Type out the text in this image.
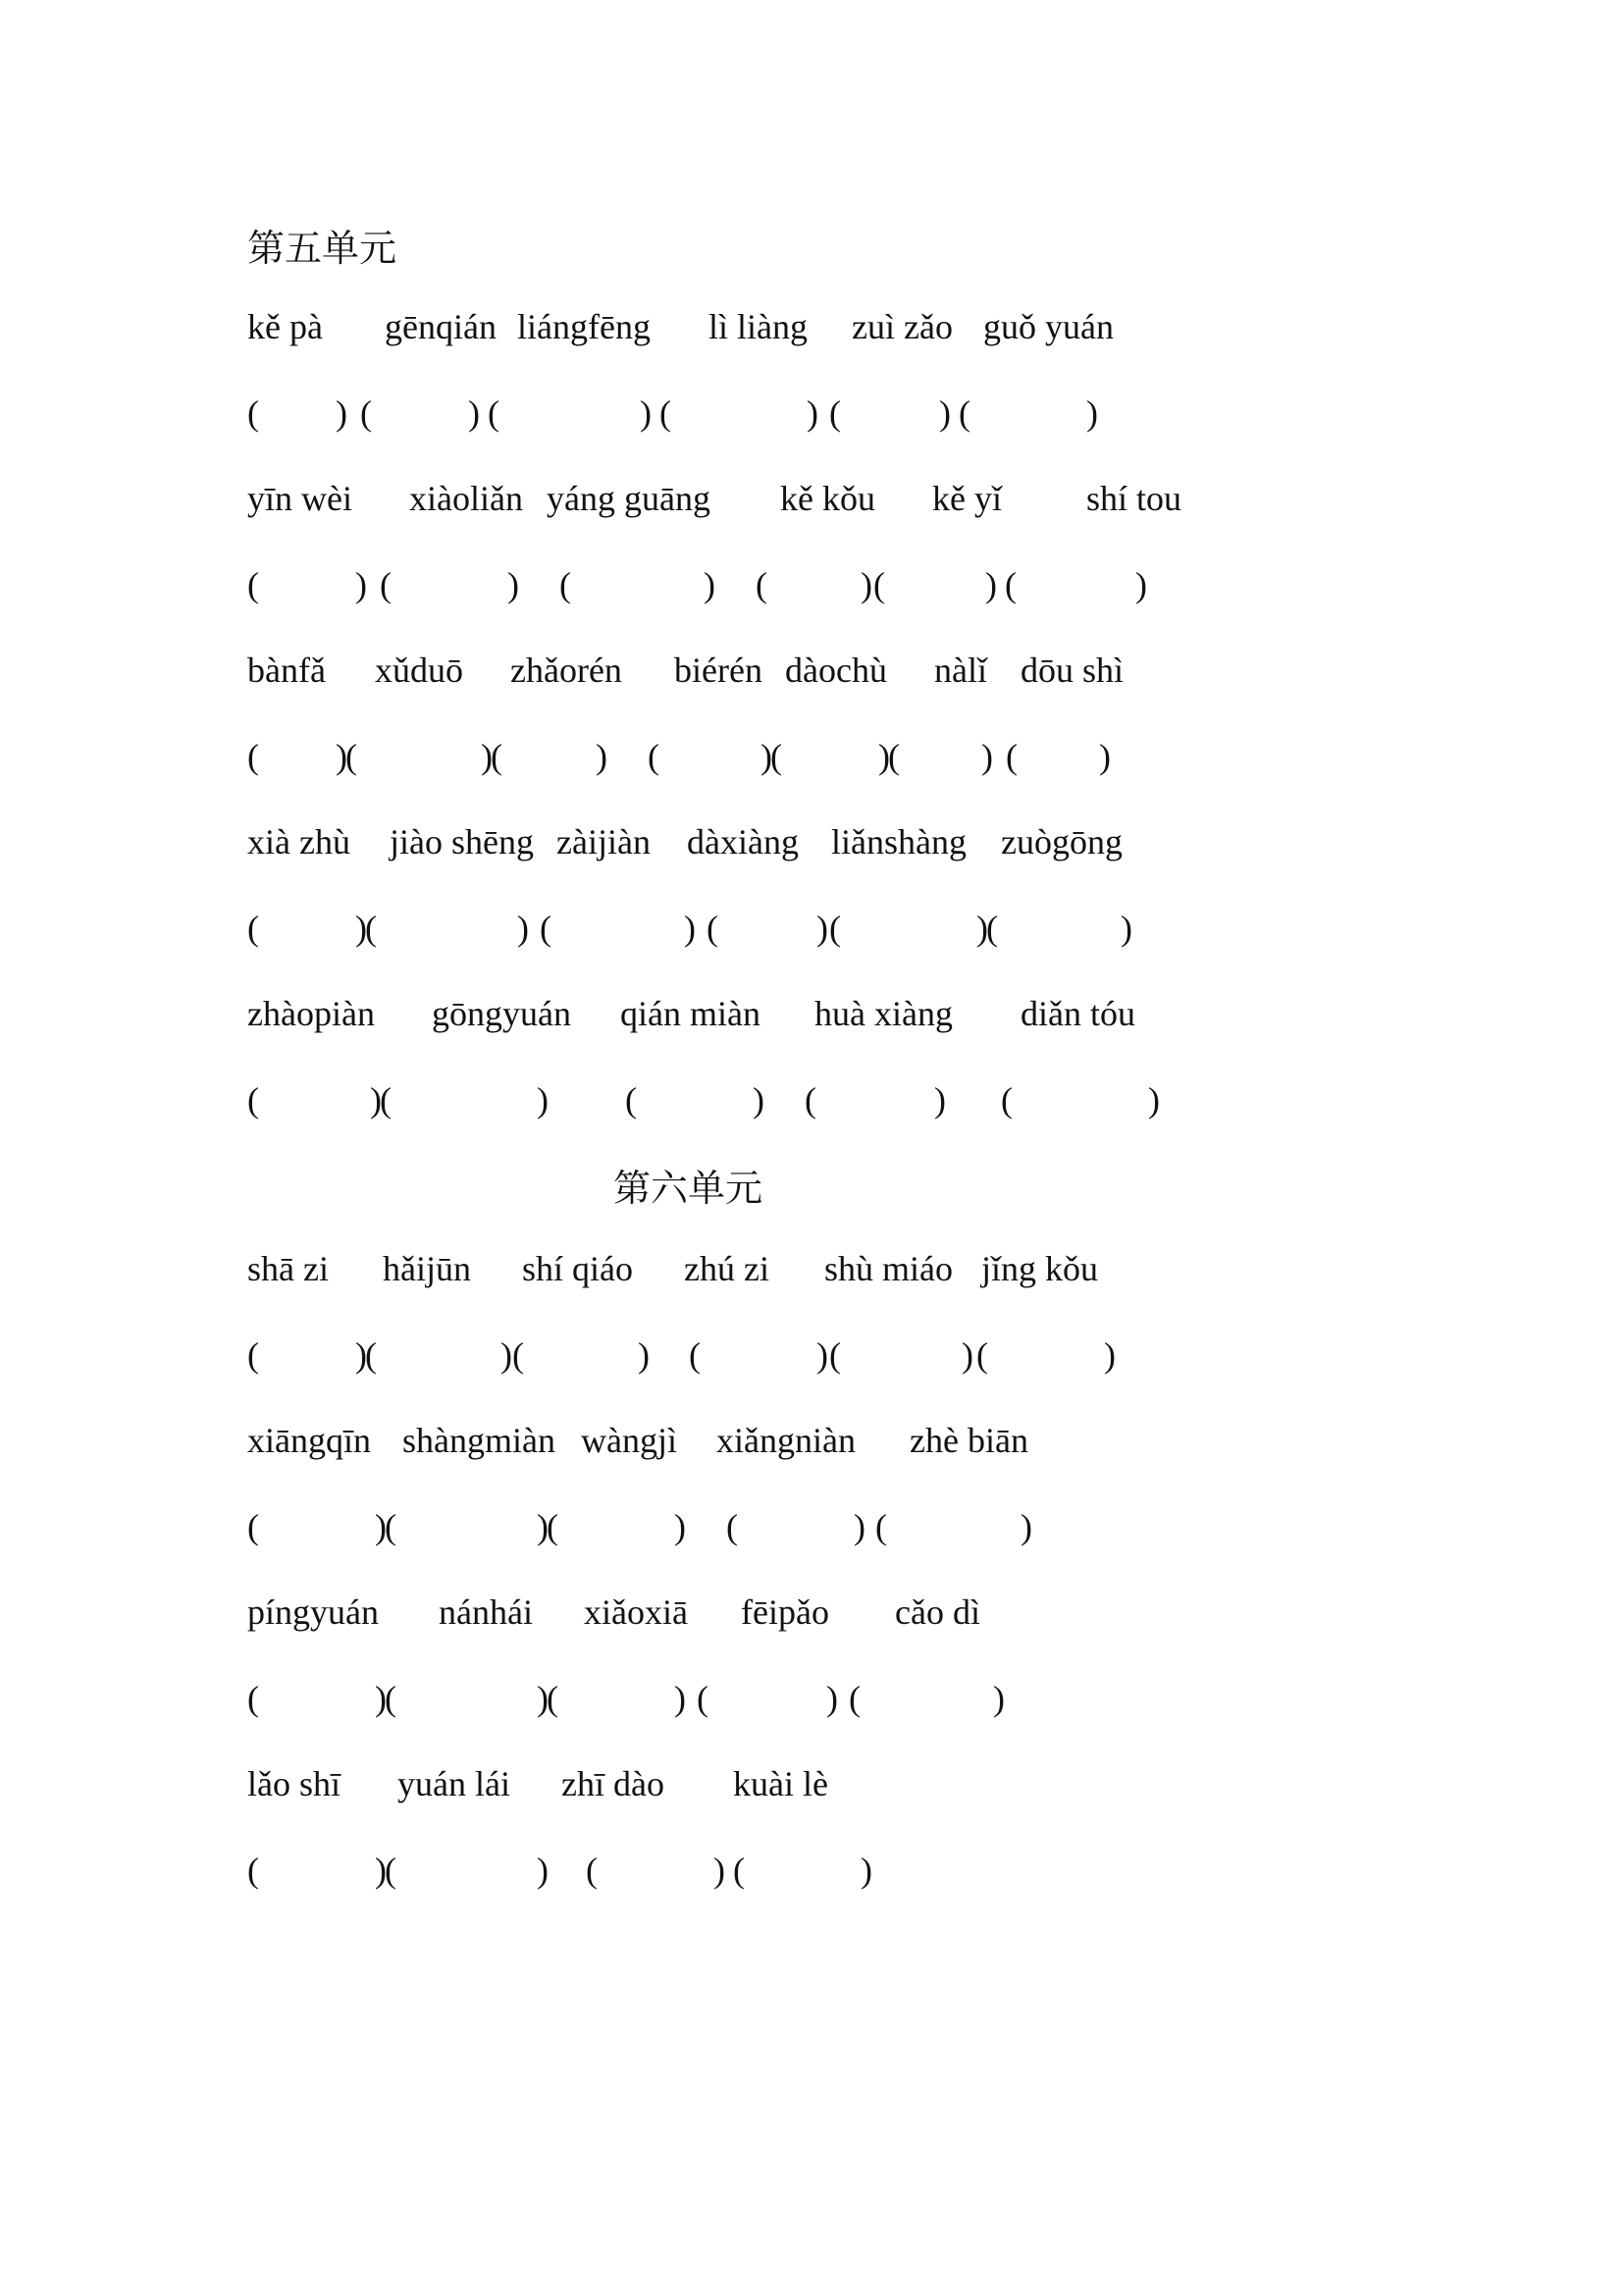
第五单元
kě pà gēnqián liángfēng lì liàng zuì zǎo guǒ yuán
( ) (	) (	) (	) (	) (	)
yīn wèi xiàoliǎn yáng guāng kě kǒu kě yǐ shí tou
(	) (	) (	) (	) (	) (	)
bànfǎ xǔduō zhǎorén biérén dàochù nàlǐ dōu shì
( )
(	)
(	) (	)
(	)
( ) ( )
xià zhù jiào shēng zàijiàn dàxiàng liǎnshàng zuògōng
(	)
(	) (	) (	) (	)
(	)
zhàopiàn gōngyuán qián miàn huà xiàng diǎn tóu
(	)
(	) (	) (	) (	)
第六单元
shā zi hǎijūn shí qiáo zhú zi shù miáo jǐng kǒu
(	)
(	) (	) (	) (	) (	)
xiāngqīn shàngmiàn wàngjì xiǎngniàn zhè biān
(	)
(	)
(	) (	) (	)
píngyuán nánhái xiǎoxiā fēipǎo cǎo dì
(	)
(	)
(	) (	) (	)
lǎo shī yuán lái zhī dào kuài lè
(	)
(	) (	) (	)
